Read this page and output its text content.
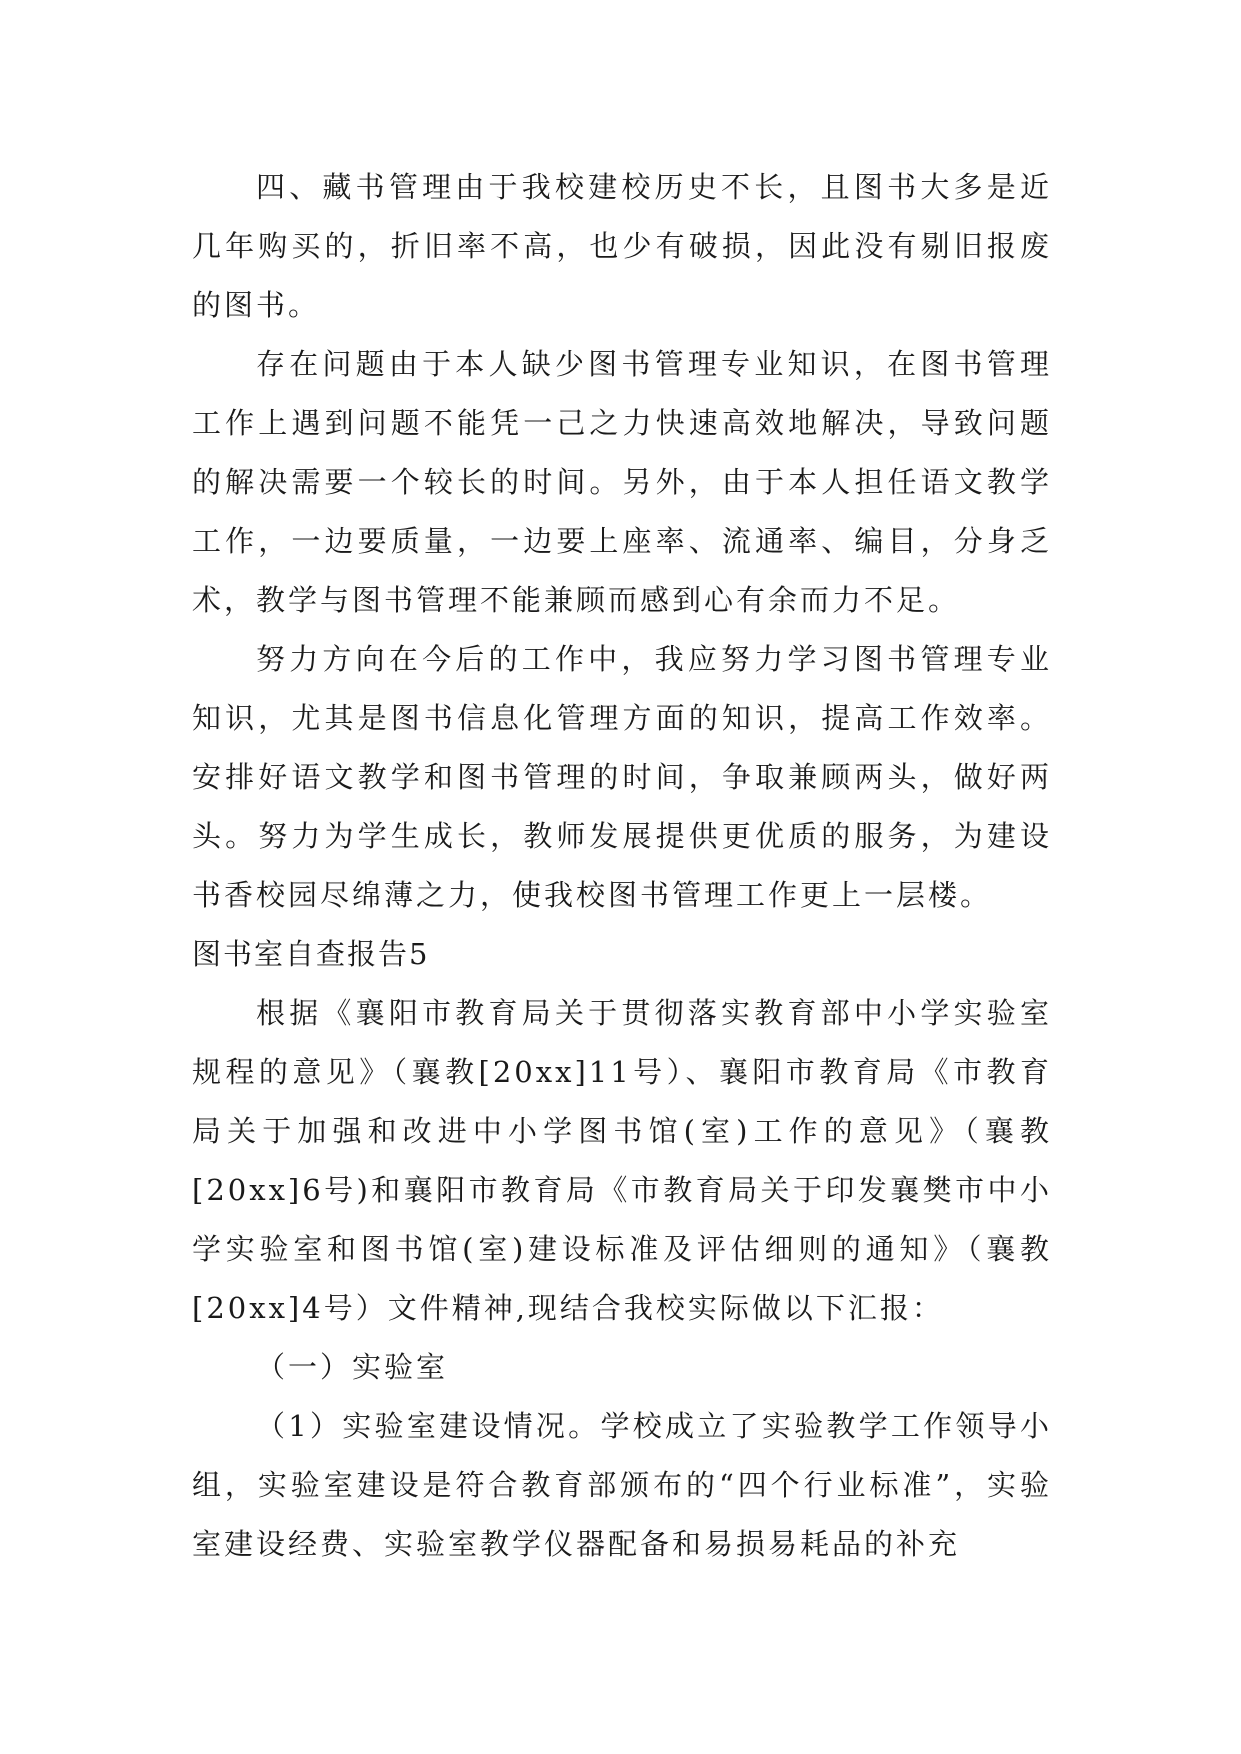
四、藏书管理由于我校建校历史不长，且图书大多是近几年购买的，折旧率不高，也少有破损，因此没有剔旧报废的图书。

存在问题由于本人缺少图书管理专业知识，在图书管理工作上遇到问题不能凭一己之力快速高效地解决，导致问题的解决需要一个较长的时间。另外，由于本人担任语文教学工作，一边要质量，一边要上座率、流通率、编目，分身乏术，教学与图书管理不能兼顾而感到心有余而力不足。

努力方向在今后的工作中，我应努力学习图书管理专业知识，尤其是图书信息化管理方面的知识，提高工作效率。安排好语文教学和图书管理的时间，争取兼顾两头，做好两头。努力为学生成长，教师发展提供更优质的服务，为建设书香校园尽绵薄之力，使我校图书管理工作更上一层楼。

图书室自查报告5

根据《襄阳市教育局关于贯彻落实教育部中小学实验室规程的意见》（襄教[20xx]11号）、襄阳市教育局《市教育局关于加强和改进中小学图书馆(室)工作的意见》（襄教[20xx]6号)和襄阳市教育局《市教育局关于印发襄樊市中小学实验室和图书馆(室)建设标准及评估细则的通知》（襄教[20xx]4号）文件精神,现结合我校实际做以下汇报：

（一）实验室

（1）实验室建设情况。学校成立了实验教学工作领导小组，实验室建设是符合教育部颁布的“四个行业标准”，实验室建设经费、实验室教学仪器配备和易损易耗品的补充
